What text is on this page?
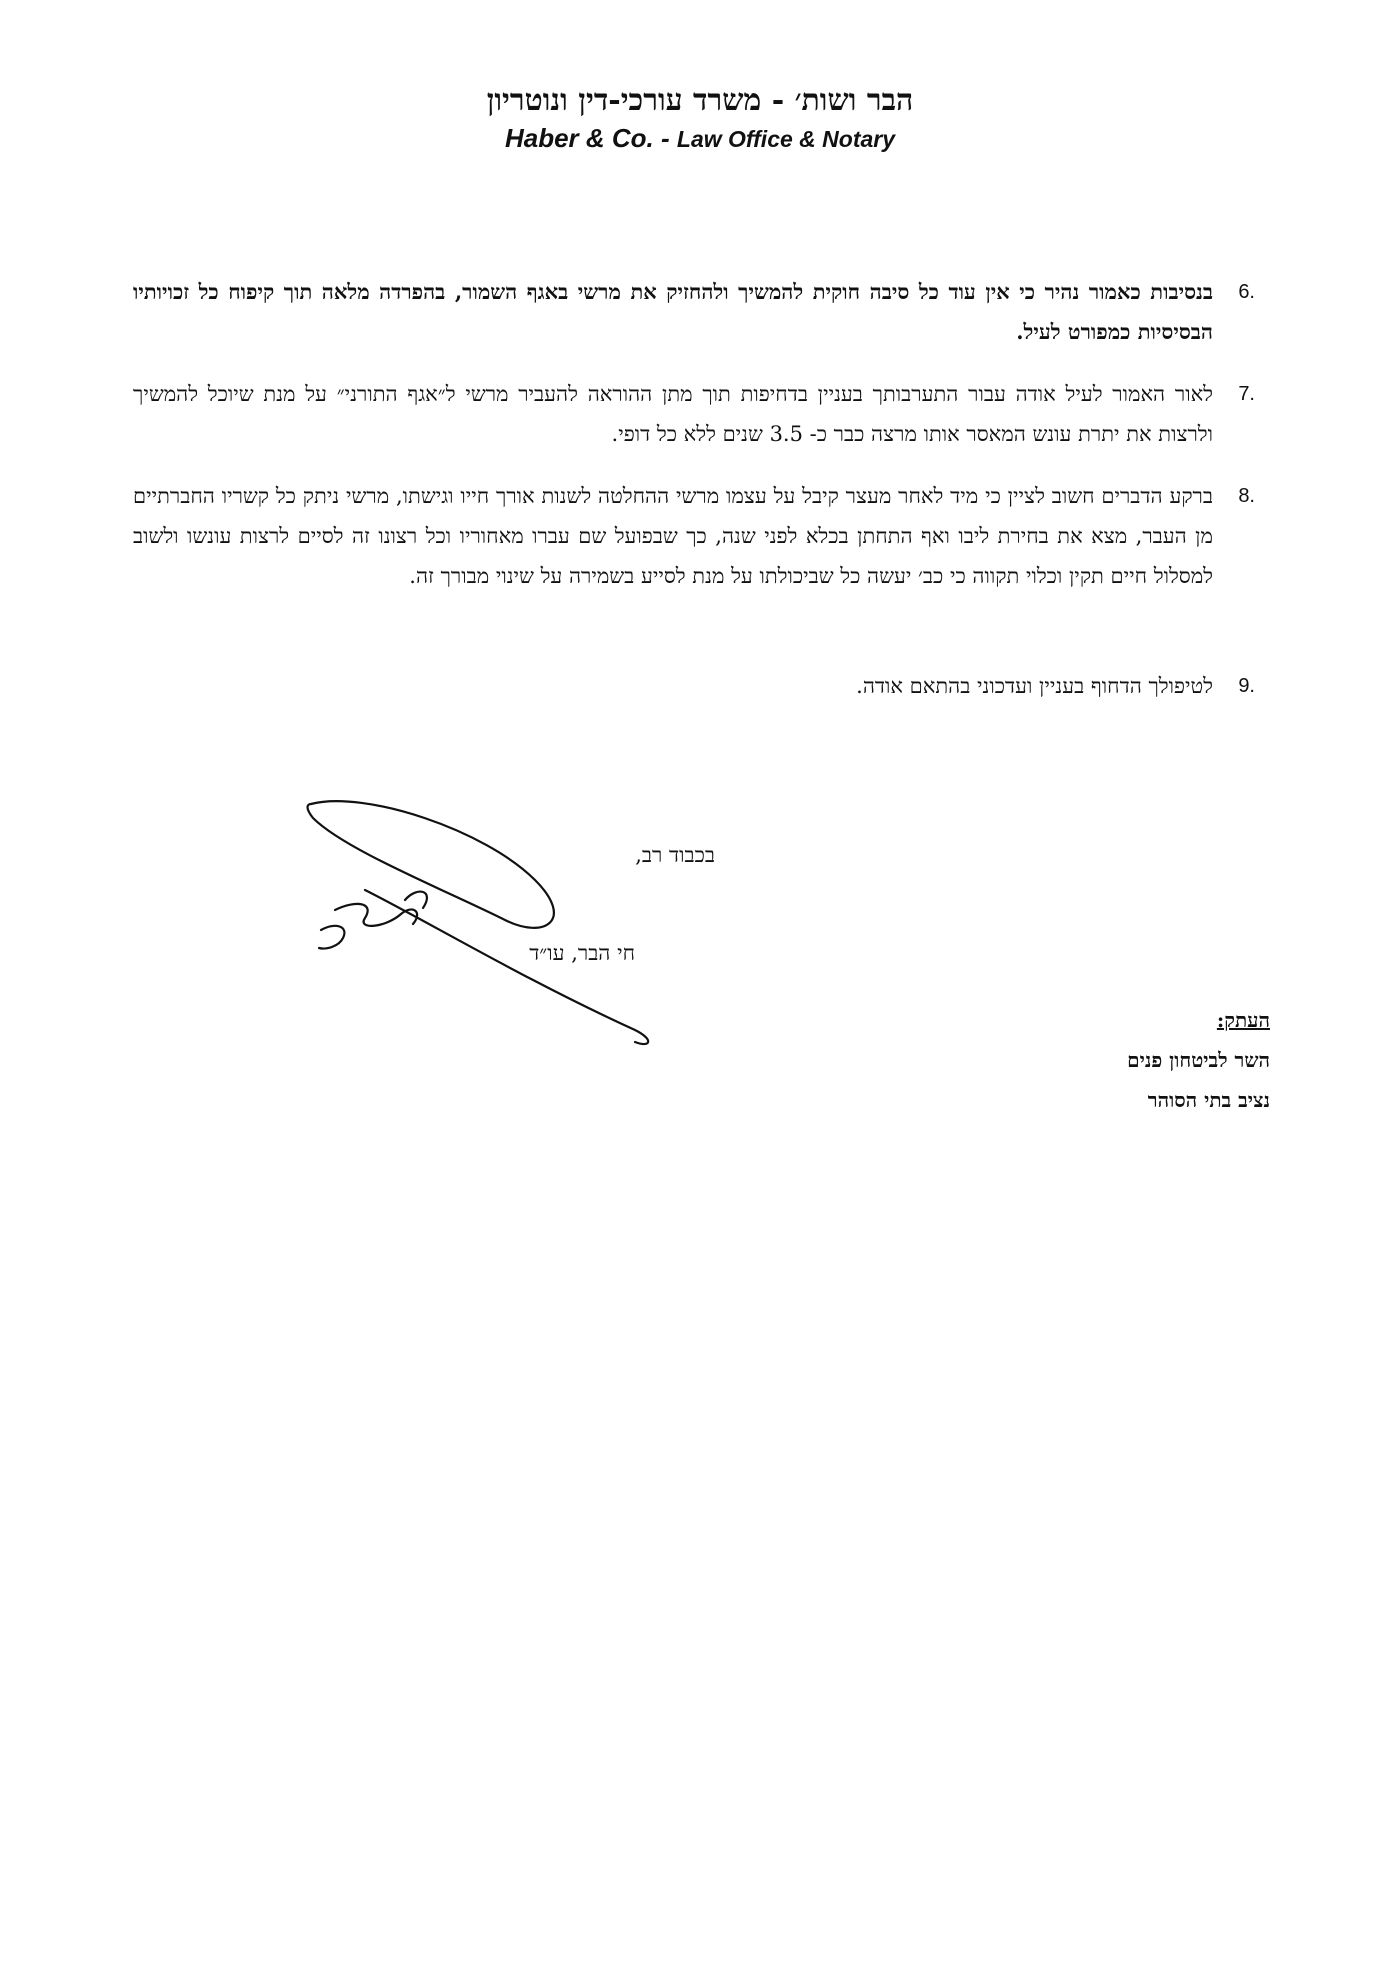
הבר ושות׳ - משרד עורכי-דין ונוטריון
Haber & Co. - Law Office & Notary
6.
בנסיבות כאמור נהיר כי אין עוד כל סיבה חוקית להמשיך ולהחזיק את מרשי באגף השמור, בהפרדה מלאה תוך קיפוח כל זכויותיו הבסיסיות כמפורט לעיל.
7.
לאור האמור לעיל אודה עבור התערבותך בעניין בדחיפות תוך מתן ההוראה להעביר מרשי ל״אגף התורני״ על מנת שיוכל להמשיך ולרצות את יתרת עונש המאסר אותו מרצה כבר כ- 3.5 שנים ללא כל דופי.
8.
ברקע הדברים חשוב לציין כי מיד לאחר מעצר קיבל על עצמו מרשי ההחלטה לשנות אורך חייו וגישתו, מרשי ניתק כל קשריו החברתיים מן העבר, מצא את בחירת ליבו ואף התחתן בכלא לפני שנה, כך שבפועל שם עברו מאחוריו וכל רצונו זה לסיים לרצות עונשו ולשוב למסלול חיים תקין וכלוי תקווה כי כב׳ יעשה כל שביכולתו על מנת לסייע בשמירה על שינוי מבורך זה.
9.
לטיפולך הדחוף בעניין ועדכוני בהתאם אודה.
בכבוד רב,
חי הבר, עו״ד
העתק:
השר לביטחון פנים
נציב בתי הסוהר
